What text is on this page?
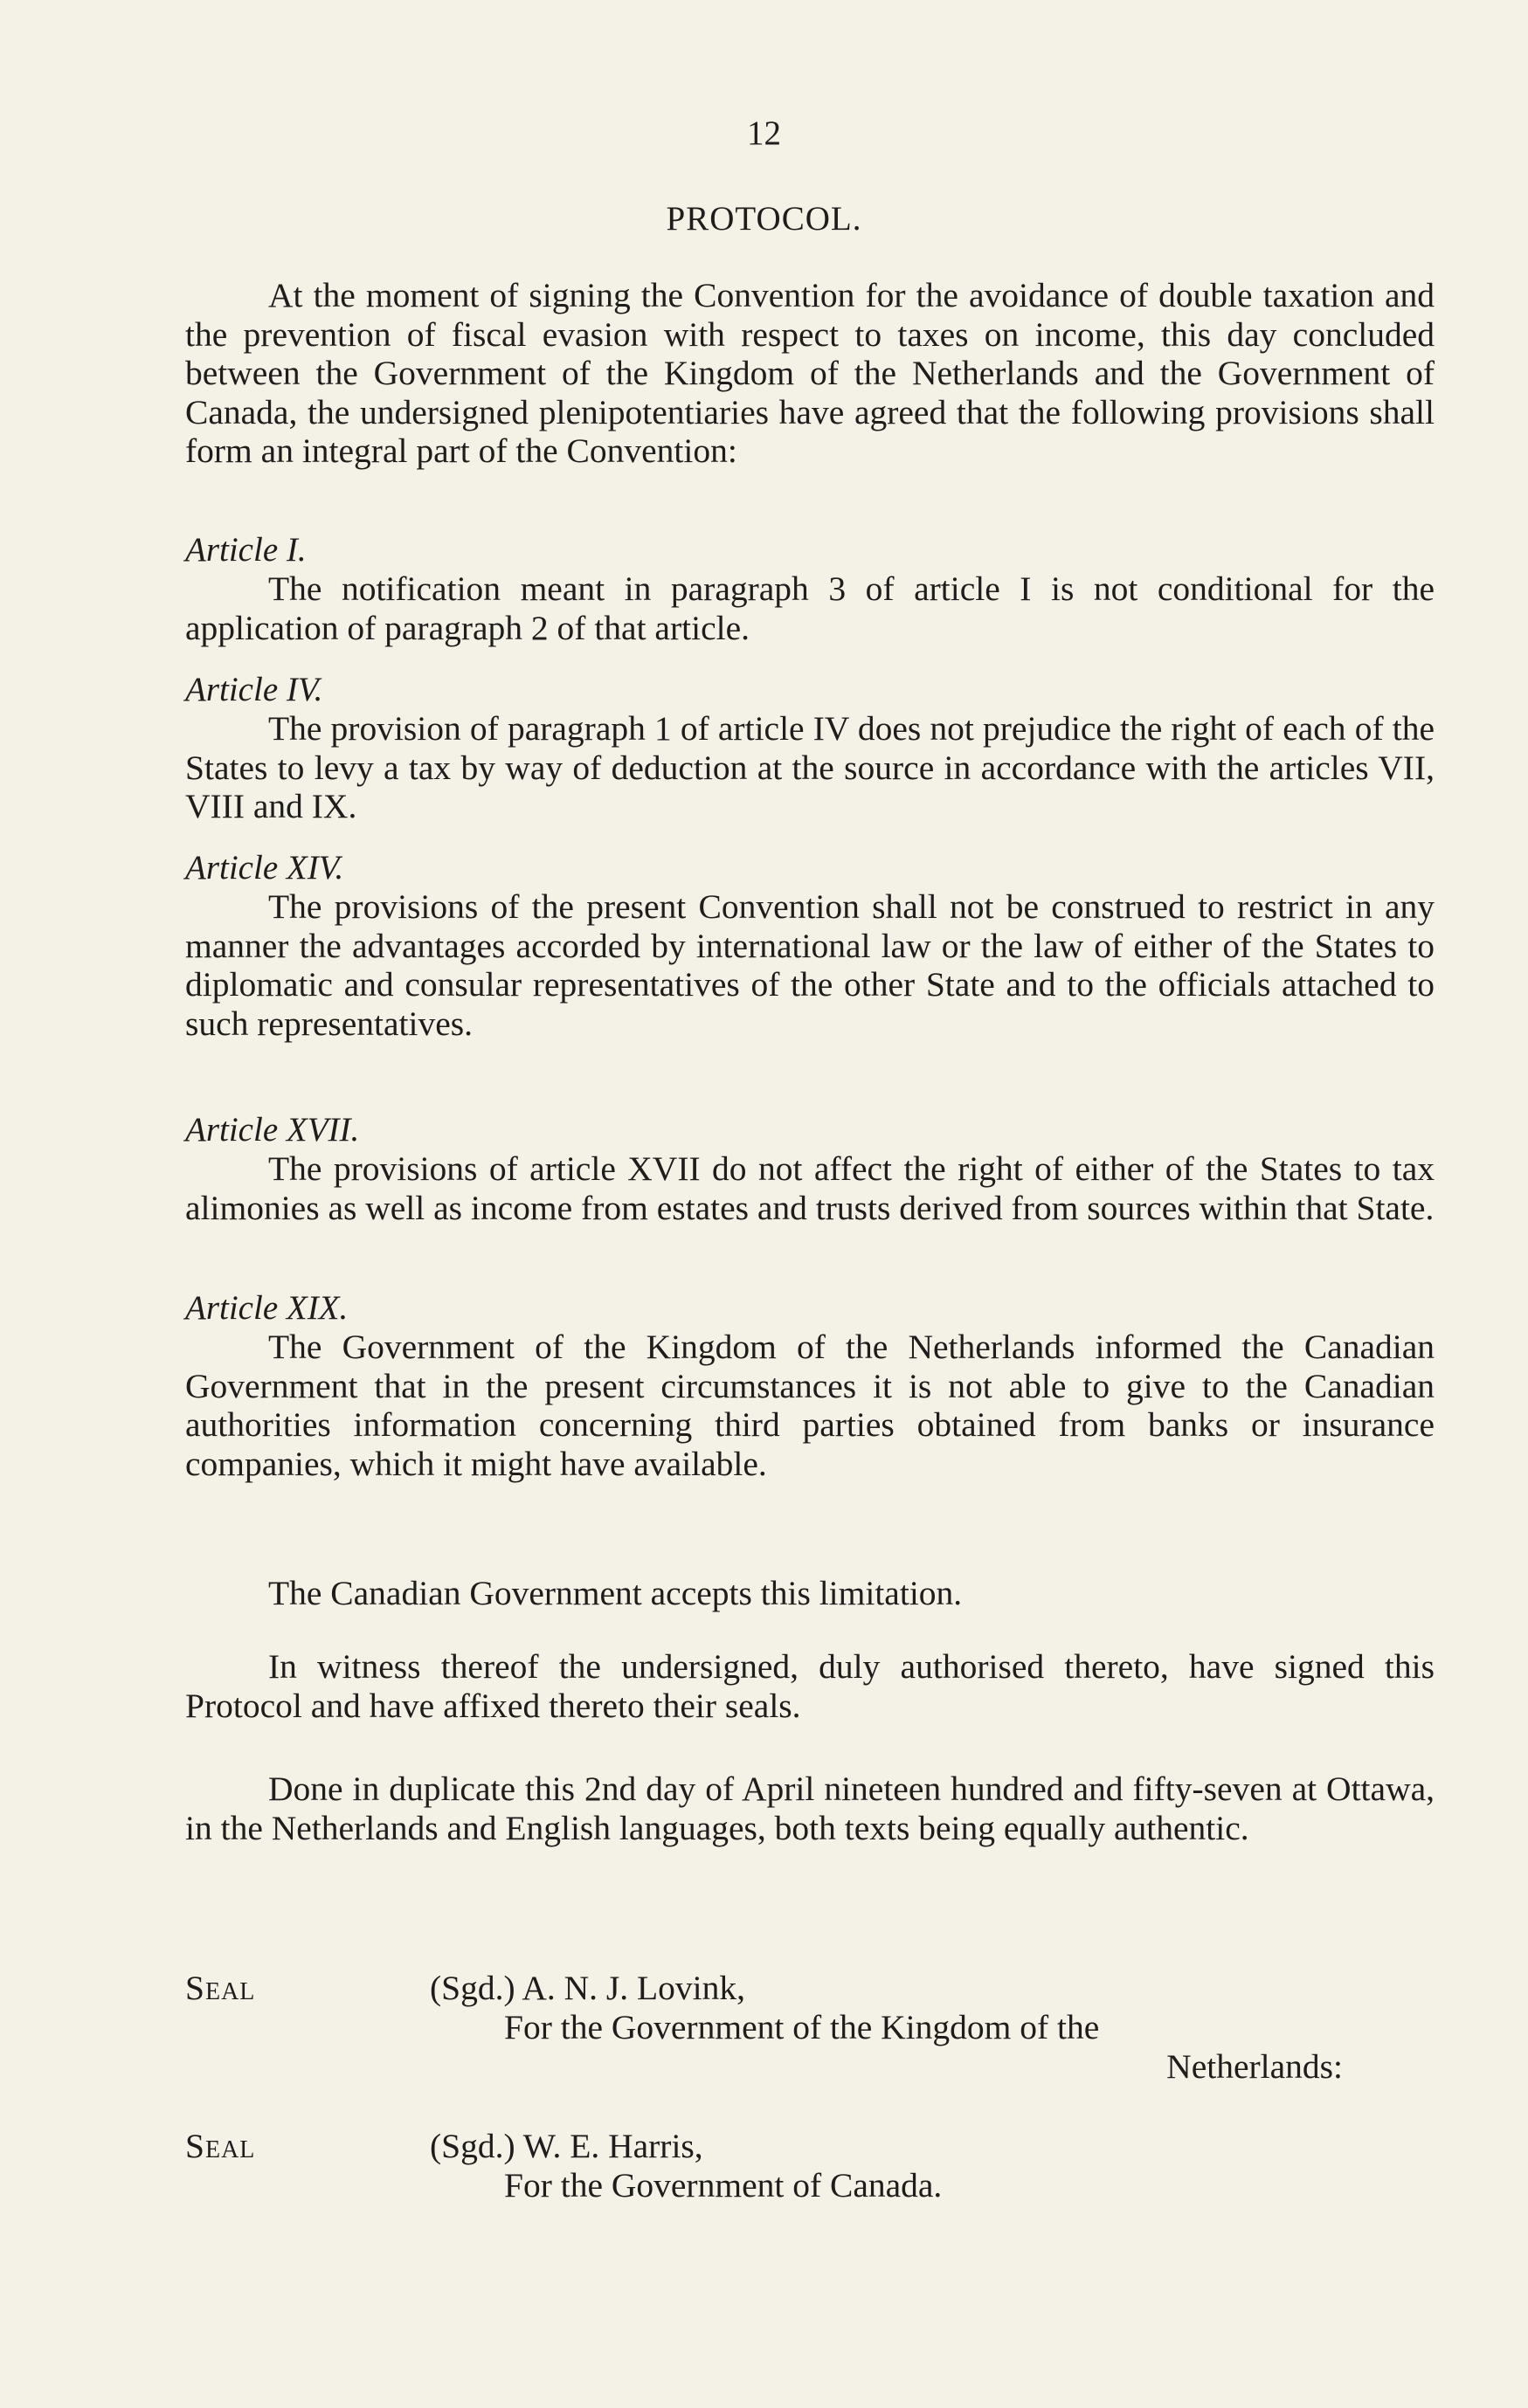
12
PROTOCOL.

At the moment of signing the Convention for the avoidance of double taxation and the prevention of fiscal evasion with respect to taxes on income, this day concluded between the Government of the Kingdom of the Netherlands and the Government of Canada, the undersigned plenipotentiaries have agreed that the following provisions shall form an integral part of the Convention:

Article I.

The notification meant in paragraph 3 of article I is not conditional for the application of paragraph 2 of that article.

Article IV.

The provision of paragraph 1 of article IV does not prejudice the right of each of the States to levy a tax by way of deduction at the source in accordance with the articles VII, VIII and IX.

Article XIV.

The provisions of the present Convention shall not be construed to restrict in any manner the advantages accorded by international law or the law of either of the States to diplomatic and consular representatives of the other State and to the officials attached to such representatives.

Article XVII.

The provisions of article XVII do not affect the right of either of the States to tax alimonies as well as income from estates and trusts derived from sources within that State.

Article XIX.

The Government of the Kingdom of the Netherlands informed the Canadian Government that in the present circumstances it is not able to give to the Canadian authorities information concerning third parties obtained from banks or insurance companies, which it might have available.

The Canadian Government accepts this limitation.

In witness thereof the undersigned, duly authorised thereto, have signed this Protocol and have affixed thereto their seals.

Done in duplicate this 2nd day of April nineteen hundred and fifty-seven at Ottawa, in the Netherlands and English languages, both texts being equally authentic.

Seal	(Sgd.) A. N. J. Lovink,
For the Government of the Kingdom of the
Netherlands:
Seal	(Sgd.) W. E. Harris,
For the Government of Canada.
